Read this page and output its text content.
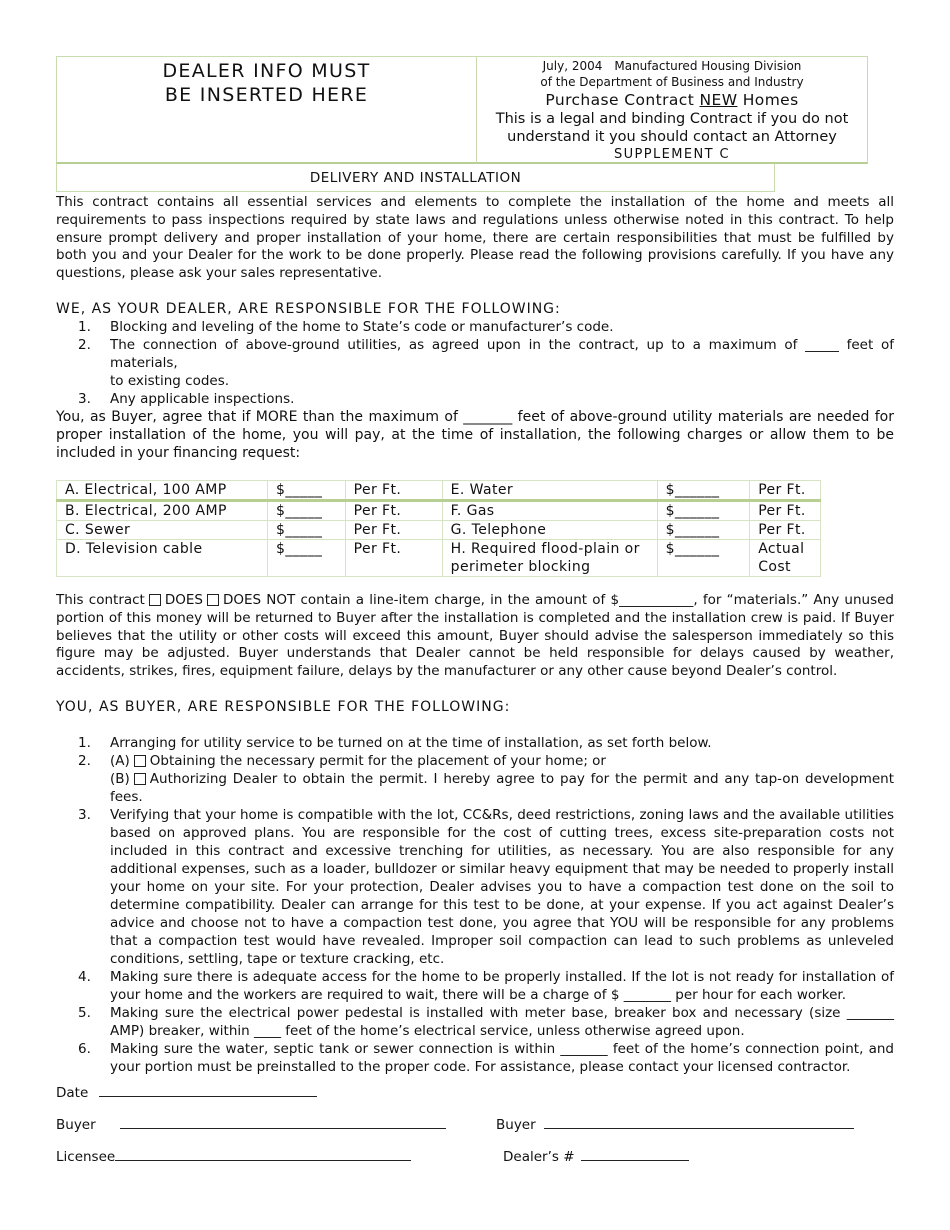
DEALER INFO MUST
BE INSERTED HERE
July, 2004 Manufactured Housing Division
of the Department of Business and Industry
Purchase Contract NEW Homes
This is a legal and binding Contract if you do not
understand it you should contact an Attorney
SUPPLEMENT C
DELIVERY AND INSTALLATION
This contract contains all essential services and elements to complete the installation of the home and meets all requirements to pass inspections required by state laws and regulations unless otherwise noted in this contract. To help ensure prompt delivery and proper installation of your home, there are certain responsibilities that must be fulfilled by both you and your Dealer for the work to be done properly. Please read the following provisions carefully. If you have any questions, please ask your sales representative.
WE, AS YOUR DEALER, ARE RESPONSIBLE FOR THE FOLLOWING:
1. Blocking and leveling of the home to State’s code or manufacturer’s code.
2. The connection of above-ground utilities, as agreed upon in the contract, up to a maximum of _____ feet of materials,
to existing codes.
3. Any applicable inspections.
You, as Buyer, agree that if MORE than the maximum of _______ feet of above-ground utility materials are needed for proper installation of the home, you will pay, at the time of installation, the following charges or allow them to be included in your financing request:
A. Electrical, 100 AMP	$_____	Per Ft.	E. Water	$______	Per Ft.
B. Electrical, 200 AMP	$_____	Per Ft.	F. Gas	$______	Per Ft.
C. Sewer	$_____	Per Ft.	G. Telephone	$______	Per Ft.
D. Television cable	$_____	Per Ft.	H. Required flood-plain or perimeter blocking	$______	Actual Cost
This contract DOES DOES NOT contain a line-item charge, in the amount of $___________, for “materials.” Any unused portion of this money will be returned to Buyer after the installation is completed and the installation crew is paid. If Buyer believes that the utility or other costs will exceed this amount, Buyer should advise the salesperson immediately so this figure may be adjusted. Buyer understands that Dealer cannot be held responsible for delays caused by weather, accidents, strikes, fires, equipment failure, delays by the manufacturer or any other cause beyond Dealer’s control.
YOU, AS BUYER, ARE RESPONSIBLE FOR THE FOLLOWING:
1. Arranging for utility service to be turned on at the time of installation, as set forth below.
2. (A) Obtaining the necessary permit for the placement of your home; or
(B) Authorizing Dealer to obtain the permit. I hereby agree to pay for the permit and any tap-on development fees.
3. Verifying that your home is compatible with the lot, CC&Rs, deed restrictions, zoning laws and the available utilities based on approved plans. You are responsible for the cost of cutting trees, excess site-preparation costs not included in this contract and excessive trenching for utilities, as necessary. You are also responsible for any additional expenses, such as a loader, bulldozer or similar heavy equipment that may be needed to properly install your home on your site. For your protection, Dealer advises you to have a compaction test done on the soil to determine compatibility. Dealer can arrange for this test to be done, at your expense. If you act against Dealer’s advice and choose not to have a compaction test done, you agree that YOU will be responsible for any problems that a compaction test would have revealed. Improper soil compaction can lead to such problems as unleveled conditions, settling, tape or texture cracking, etc.
4. Making sure there is adequate access for the home to be properly installed. If the lot is not ready for installation of your home and the workers are required to wait, there will be a charge of $ _______ per hour for each worker.
5. Making sure the electrical power pedestal is installed with meter base, breaker box and necessary (size _______ AMP) breaker, within ____ feet of the home’s electrical service, unless otherwise agreed upon.
6. Making sure the water, septic tank or sewer connection is within _______ feet of the home’s connection point, and your portion must be preinstalled to the proper code. For assistance, please contact your licensed contractor.
Date
Buyer	Buyer
Licensee	Dealer’s #
